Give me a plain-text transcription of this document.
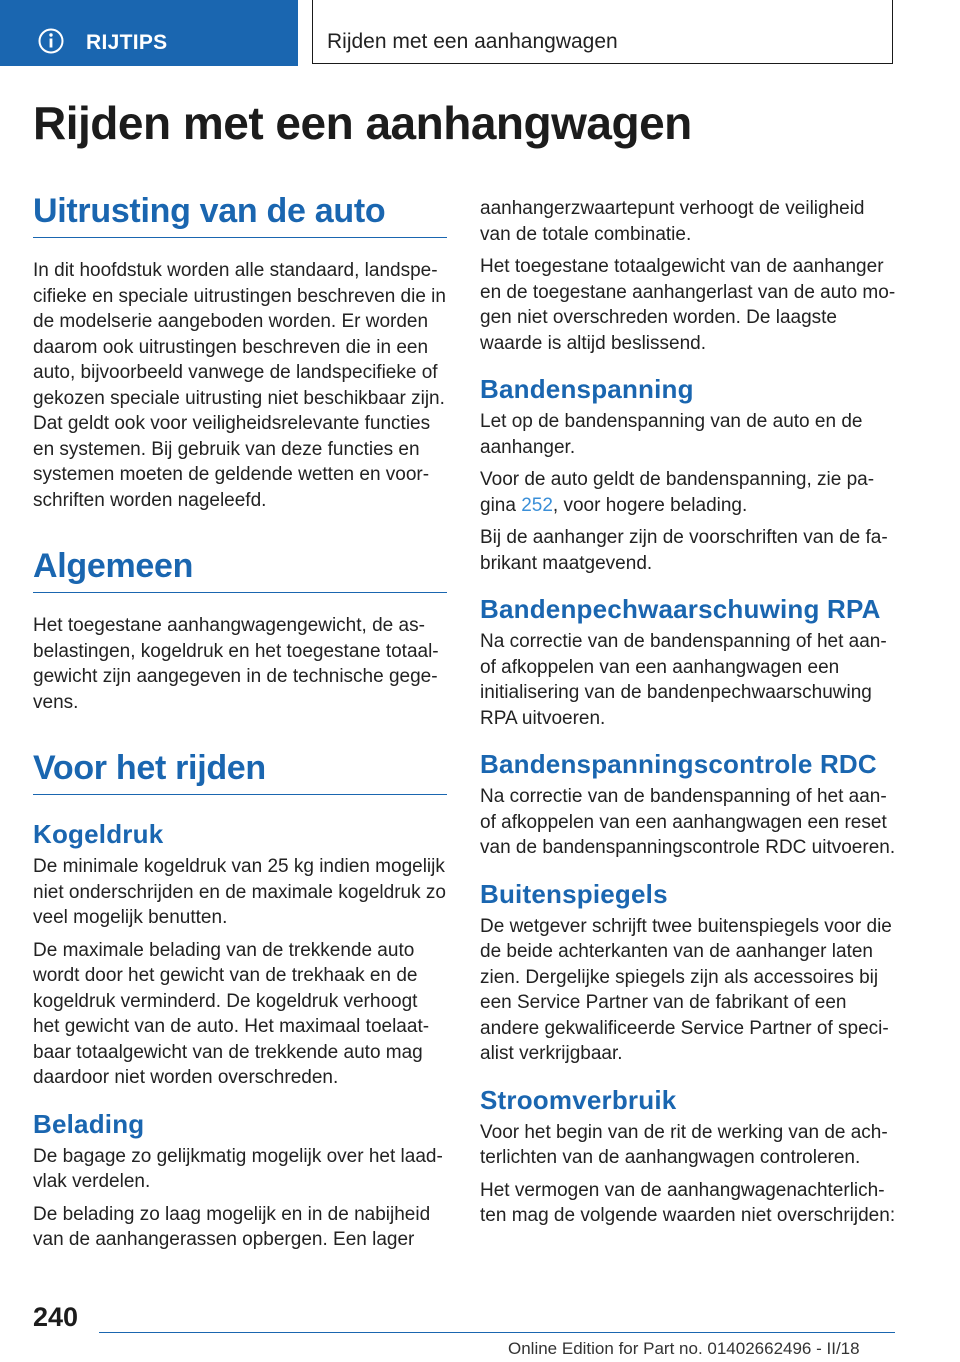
RIJTIPS	Rijden met een aanhangwagen
Rijden met een aanhangwagen
Uitrusting van de auto

In dit hoofdstuk worden alle standaard, landspecifieke en speciale uitrustingen beschreven die in de modelserie aangeboden worden. Er worden daarom ook uitrustingen beschreven die in een auto, bijvoorbeeld vanwege de landspecifieke of gekozen speciale uitrusting niet beschikbaar zijn. Dat geldt ook voor veiligheidsrelevante functies en systemen. Bij gebruik van deze functies en systemen moeten de geldende wetten en voorschriften worden nageleefd.

Algemeen

Het toegestane aanhangwagengewicht, de asbelastingen, kogeldruk en het toegestane totaalgewicht zijn aangegeven in de technische gegevens.

Voor het rijden
Kogeldruk

De minimale kogeldruk van 25 kg indien mogelijk niet onderschrijden en de maximale kogeldruk zo veel mogelijk benutten.

De maximale belading van de trekkende auto wordt door het gewicht van de trekhaak en de kogeldruk verminderd. De kogeldruk verhoogt het gewicht van de auto. Het maximaal toelaatbaar totaalgewicht van de trekkende auto mag daardoor niet worden overschreden.

Belading

De bagage zo gelijkmatig mogelijk over het laadvlak verdelen.

De belading zo laag mogelijk en in de nabijheid van de aanhangerassen opbergen. Een lager

aanhangerzwaartepunt verhoogt de veiligheid van de totale combinatie.

Het toegestane totaalgewicht van de aanhanger en de toegestane aanhangerlast van de auto mogen niet overschreden worden. De laagste waarde is altijd beslissend.

Bandenspanning

Let op de bandenspanning van de auto en de aanhanger.

Voor de auto geldt de bandenspanning, zie pagina 252, voor hogere belading.

Bij de aanhanger zijn de voorschriften van de fabrikant maatgevend.

Bandenpechwaarschuwing RPA

Na correctie van de bandenspanning of het aan- of afkoppelen van een aanhangwagen een initialisering van de bandenpechwaarschuwing RPA uitvoeren.

Bandenspanningscontrole RDC

Na correctie van de bandenspanning of het aan- of afkoppelen van een aanhangwagen een reset van de bandenspanningscontrole RDC uitvoeren.

Buitenspiegels

De wetgever schrijft twee buitenspiegels voor die de beide achterkanten van de aanhanger laten zien. Dergelijke spiegels zijn als accessoires bij een Service Partner van de fabrikant of een andere gekwalificeerde Service Partner of specialist verkrijgbaar.

Stroomverbruik

Voor het begin van de rit de werking van de achterlichten van de aanhangwagen controleren.

Het vermogen van de aanhangwagenachterlichten mag de volgende waarden niet overschrijden:

240
Online Edition for Part no. 01402662496 - II/18
